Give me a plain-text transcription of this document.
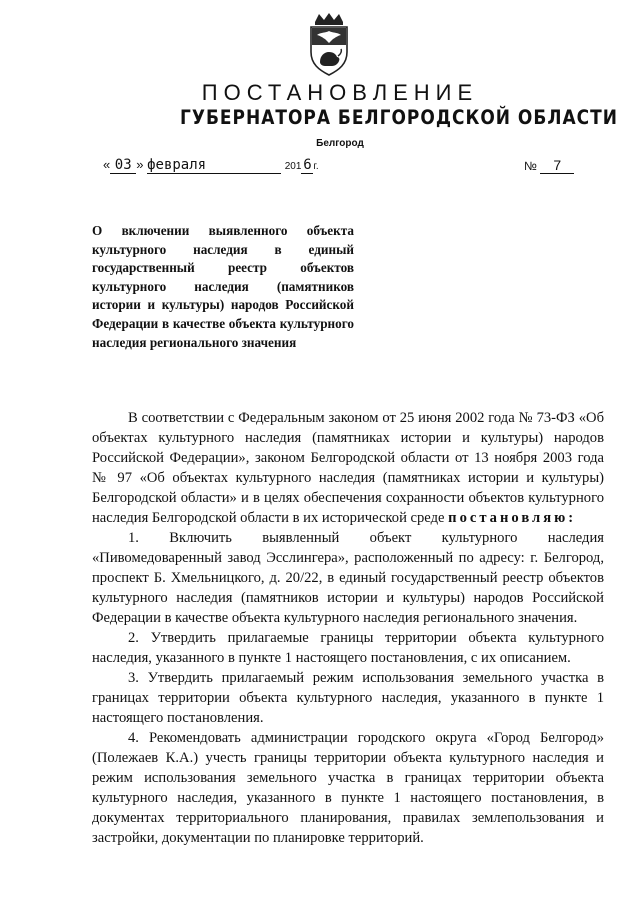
ПОСТАНОВЛЕНИЕ
ГУБЕРНАТОРА БЕЛГОРОДСКОЙ ОБЛАСТИ
Белгород
« 03 » февраля	201 6 г.	№ 7
О включении выявленного объекта культурного наследия в единый государственный реестр объектов культурного наследия (памятников истории и культуры) народов Российской Федерации в качестве объекта культурного наследия регионального значения

В соответствии с Федеральным законом от 25 июня 2002 года № 73-ФЗ «Об объектах культурного наследия (памятниках истории и культуры) народов Российской Федерации», законом Белгородской области от 13 ноября 2003 года № 97 «Об объектах культурного наследия (памятниках истории и культуры) Белгородской области» и в целях обеспечения сохранности объектов культурного наследия Белгородской области в их исторической среде постановляю:

1. Включить выявленный объект культурного наследия «Пивомедоваренный завод Эсслингера», расположенный по адресу: г. Белгород, проспект Б. Хмельницкого, д. 20/22, в единый государственный реестр объектов культурного наследия (памятников истории и культуры) народов Российской Федерации в качестве объекта культурного наследия регионального значения.

2. Утвердить прилагаемые границы территории объекта культурного наследия, указанного в пункте 1 настоящего постановления, с их описанием.

3. Утвердить прилагаемый режим использования земельного участка в границах территории объекта культурного наследия, указанного в пункте 1 настоящего постановления.

4. Рекомендовать администрации городского округа «Город Белгород» (Полежаев К.А.) учесть границы территории объекта культурного наследия и режим использования земельного участка в границах территории объекта культурного наследия, указанного в пункте 1 настоящего постановления, в документах территориального планирования, правилах землепользования и застройки, документации по планировке территорий.
